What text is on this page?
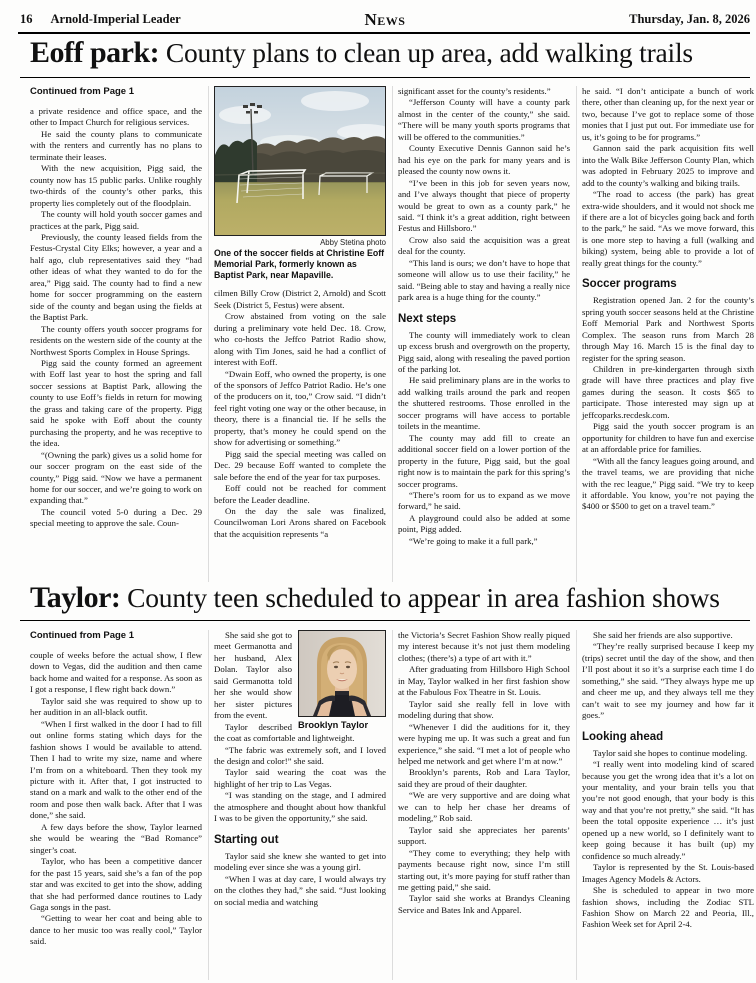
16 Arnold-Imperial Leader	News	Thursday, Jan. 8, 2026
Eoff park: County plans to clean up area, add walking trails

Continued from Page 1

a private residence and office space, and the other to Impact Church for religious services.

He said the county plans to communicate with the renters and currently has no plans to terminate their leases.

With the new acquisition, Pigg said, the county now has 15 public parks. Unlike roughly two-thirds of the county’s other parks, this property lies completely out of the floodplain.

The county will hold youth soccer games and practices at the park, Pigg said.

Previously, the county leased fields from the Festus-Crystal City Elks; however, a year and a half ago, club representatives said they “had other ideas of what they wanted to do for the area,” Pigg said. The county had to find a new home for soccer programming on the eastern side of the county and began using the fields at the Baptist Park.

The county offers youth soccer programs for residents on the western side of the county at the Northwest Sports Complex in House Springs.

Pigg said the county formed an agreement with Eoff last year to host the spring and fall soccer sessions at Baptist Park, allowing the county to use Eoff’s fields in return for mowing the grass and taking care of the property. Pigg said he spoke with Eoff about the county purchasing the property, and he was receptive to the idea.

“(Owning the park) gives us a solid home for our soccer program on the east side of the county,” Pigg said. “Now we have a permanent home for our soccer, and we’re going to work on expanding that.”

The council voted 5-0 during a Dec. 29 special meeting to approve the sale. Coun-

Abby Stetina photo
One of the soccer fields at Christine Eoff Memorial Park, formerly known as Baptist Park, near Mapaville.

cilmen Billy Crow (District 2, Arnold) and Scott Seek (District 5, Festus) were absent.

Crow abstained from voting on the sale during a preliminary vote held Dec. 18. Crow, who co-hosts the Jeffco Patriot Radio show, along with Tim Jones, said he had a conflict of interest with Eoff.

“Dwain Eoff, who owned the property, is one of the sponsors of Jeffco Patriot Radio. He’s one of the producers on it, too,” Crow said. “I didn’t feel right voting one way or the other because, in theory, there is a financial tie. If he sells the property, that’s money he could spend on the show for advertising or something.”

Pigg said the special meeting was called on Dec. 29 because Eoff wanted to complete the sale before the end of the year for tax purposes.

Eoff could not be reached for comment before the Leader deadline.

On the day the sale was finalized, Councilwoman Lori Arons shared on Facebook that the acquisition represents “a

significant asset for the county’s residents.”

“Jefferson County will have a county park almost in the center of the county,” she said. “There will be many youth sports programs that will be offered to the communities.”

County Executive Dennis Gannon said he’s had his eye on the park for many years and is pleased the county now owns it.

“I’ve been in this job for seven years now, and I’ve always thought that piece of property would be great to own as a county park,” he said. “I think it’s a great addition, right between Festus and Hillsboro.”

Crow also said the acquisition was a great deal for the county.

“This land is ours; we don’t have to hope that someone will allow us to use their facility,” he said. “Being able to stay and having a really nice park area is a huge thing for the county.”

Next steps

The county will immediately work to clean up excess brush and overgrowth on the property, Pigg said, along with resealing the paved portion of the parking lot.

He said preliminary plans are in the works to add walking trails around the park and reopen the shuttered restrooms. Those enrolled in the soccer programs will have access to portable toilets in the meantime.

The county may add fill to create an additional soccer field on a lower portion of the property in the future, Pigg said, but the goal right now is to maintain the park for this spring’s soccer programs.

“There’s room for us to expand as we move forward,” he said.

A playground could also be added at some point, Pigg added.

“We’re going to make it a full park,”

he said. “I don’t anticipate a bunch of work there, other than cleaning up, for the next year or two, because I’ve got to replace some of those monies that I just put out. For immediate use for us, it’s going to be for programs.”

Gannon said the park acquisition fits well into the Walk Bike Jefferson County Plan, which was adopted in February 2025 to improve and add to the county’s walking and biking trails.

“The road to access (the park) has great extra-wide shoulders, and it would not shock me if there are a lot of bicycles going back and forth to the park,” he said. “As we move forward, this is one more step to having a full (walking and biking) system, being able to provide a lot of really great things for the county.”

Soccer programs

Registration opened Jan. 2 for the county’s spring youth soccer seasons held at the Christine Eoff Memorial Park and Northwest Sports Complex. The season runs from March 28 through May 16. March 15 is the final day to register for the spring season.

Children in pre-kindergarten through sixth grade will have three practices and play five games during the season. It costs $65 to participate. Those interested may sign up at jeffcoparks.recdesk.com.

Pigg said the youth soccer program is an opportunity for children to have fun and exercise at an affordable price for families.

“With all the fancy leagues going around, and the travel teams, we are providing that niche with the rec league,” Pigg said. “We try to keep it affordable. You know, you’re not paying the $400 or $500 to get on a travel team.”

Taylor: County teen scheduled to appear in area fashion shows

Continued from Page 1

couple of weeks before the actual show, I flew down to Vegas, did the audition and then came back home and waited for a response. As soon as I got a response, I flew right back down.”

Taylor said she was required to show up to her audition in an all-black outfit.

“When I first walked in the door I had to fill out online forms stating which days for the fashion shows I would be available to attend. Then I had to write my size, name and where I’m from on a whiteboard. Then they took my picture with it. After that, I got instructed to stand on a mark and walk to the other end of the room and pose then walk back. After that I was done,” she said.

A few days before the show, Taylor learned she would be wearing the “Bad Romance” singer’s coat.

Taylor, who has been a competitive dancer for the past 15 years, said she’s a fan of the pop star and was excited to get into the show, adding that she had performed dance routines to Lady Gaga songs in the past.

“Getting to wear her coat and being able to dance to her music too was really cool,” Taylor said.

Brooklyn Taylor

She said she got to meet Germanotta and her husband, Alex Dolan. Taylor also said Germanotta told her she would show her sister pictures from the event.

Taylor described the coat as comfortable and lightweight.

“The fabric was extremely soft, and I loved the design and color!” she said.

Taylor said wearing the coat was the highlight of her trip to Las Vegas.

“I was standing on the stage, and I admired the atmosphere and thought about how thankful I was to be given the opportunity,” she said.

Starting out

Taylor said she knew she wanted to get into modeling ever since she was a young girl.

“When I was at day care, I would always try on the clothes they had,” she said. “Just looking on social media and watching

the Victoria’s Secret Fashion Show really piqued my interest because it’s not just them modeling clothes; (there’s) a type of art with it.”

After graduating from Hillsboro High School in May, Taylor walked in her first fashion show at the Fabulous Fox Theatre in St. Louis.

Taylor said she really fell in love with modeling during that show.

“Whenever I did the auditions for it, they were hyping me up. It was such a great and fun experience,” she said. “I met a lot of people who helped me network and get where I’m at now.”

Brooklyn’s parents, Rob and Lara Taylor, said they are proud of their daughter.

“We are very supportive and are doing what we can to help her chase her dreams of modeling,” Rob said.

Taylor said she appreciates her parents’ support.

“They come to everything; they help with payments because right now, since I’m still starting out, it’s more paying for stuff rather than me getting paid,” she said.

Taylor said she works at Brandys Cleaning Service and Bates Ink and Apparel.

She said her friends are also supportive.

“They’re really surprised because I keep my (trips) secret until the day of the show, and then I’ll post about it so it’s a surprise each time I do something,” she said. “They always hype me up and cheer me up, and they always tell me they can’t wait to see my journey and how far it goes.”

Looking ahead

Taylor said she hopes to continue modeling.

“I really went into modeling kind of scared because you get the wrong idea that it’s a lot on your mentality, and your brain tells you that you’re not good enough, that your body is this way and that you’re not pretty,” she said. “It has been the total opposite experience … it’s just opened up a new world, so I definitely want to keep going because it has built (up) my confidence so much already.”

Taylor is represented by the St. Louis-based Images Agency Models & Actors.

She is scheduled to appear in two more fashion shows, including the Zodiac STL Fashion Show on March 22 and Peoria, Ill., Fashion Week set for April 2-4.
